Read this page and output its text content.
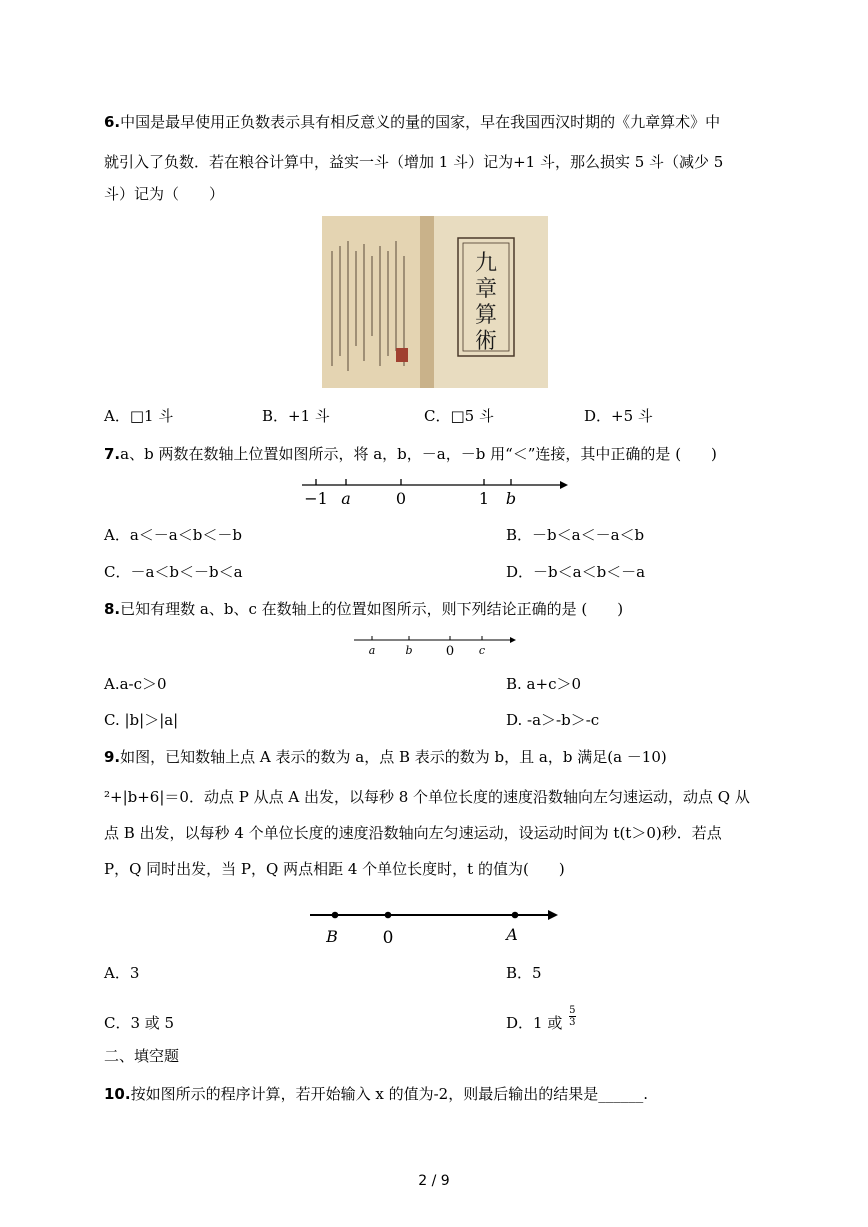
6.中国是最早使用正负数表示具有相反意义的量的国家，早在我国西汉时期的《九章算术》中
就引入了负数．若在粮谷计算中，益实一斗（增加 1 斗）记为+1 斗，那么损实 5 斗（减少 5
斗）记为（　　）
九
章
算
術
A．□1 斗	B．+1 斗	C．□5 斗	D．+5 斗
7.a、b 两数在数轴上位置如图所示，将 a，b，－a，－b 用“＜”连接，其中正确的是 (　　)
−1 a	0	1 b
A．a＜－a＜b＜－b	B．－b＜a＜－a＜b
C．－a＜b＜－b＜a	D．－b＜a＜b＜－a
8.已知有理数 a、b、c 在数轴上的位置如图所示，则下列结论正确的是 (　　)
a	b	0 c
A.a-c＞0	B. a+c＞0
C. |b|＞|a|	D. -a＞-b＞-c
9.如图，已知数轴上点 A 表示的数为 a，点 B 表示的数为 b，且 a，b 满足(a －10)
²+|b+6|＝0．动点 P 从点 A 出发，以每秒 8 个单位长度的速度沿数轴向左匀速运动，动点 Q 从
点 B 出发，以每秒 4 个单位长度的速度沿数轴向左匀速运动，设运动时间为 t(t＞0)秒．若点
P，Q 同时出发，当 P，Q 两点相距 4 个单位长度时，t 的值为(　　)
B	0	A
A．3	B．5
C．3 或 5	D．1 或 $\frac{5}{3}$
二、填空题
10.按如图所示的程序计算，若开始输入 x 的值为-2，则最后输出的结果是______.
2 / 9
